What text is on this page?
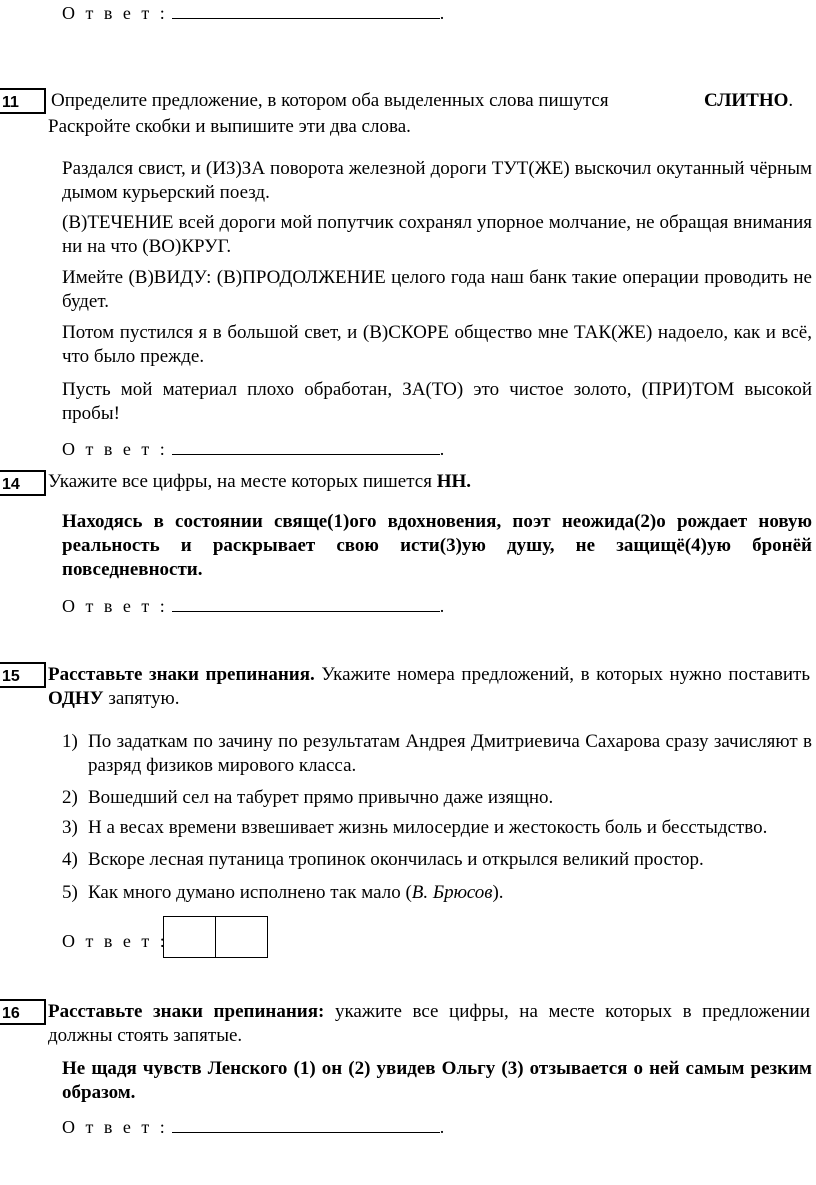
О т в е т :	.
11	Определите предложение, в котором оба выделенных слова пишутся	СЛИТНО.
Раскройте скобки и выпишите эти два слова.
Раздался свист, и (ИЗ)ЗА поворота железной дороги ТУТ(ЖЕ) выскочил окутанный чёрным дымом курьерский поезд.
(В)ТЕЧЕНИЕ всей дороги мой попутчик сохранял упорное молчание, не обращая внимания ни на что (ВО)КРУГ.
Имейте (В)ВИДУ: (В)ПРОДОЛЖЕНИЕ целого года наш банк такие операции проводить не будет.
Потом пустился я в большой свет, и (В)СКОРЕ общество мне ТАК(ЖЕ) надоело, как и всё, что было прежде.
Пусть мой материал плохо обработан, ЗА(ТО) это чистое золото, (ПРИ)ТОМ высокой пробы!
О т в е т :	.
14	Укажите все цифры, на месте которых пишется НН.
Находясь в состоянии свяще(1)ого вдохновения, поэт неожида(2)о рождает новую реальность и раскрывает свою исти(3)ую душу, не защищё(4)ую бронёй повседневности.
О т в е т :	.
15	Расставьте знаки препинания. Укажите номера предложений, в которых нужно поставить ОДНУ запятую.
1) По задаткам по зачину по результатам Андрея Дмитриевича Сахарова сразу зачисляют в разряд физиков мирового класса.
2) Вошедший сел на табурет прямо привычно даже изящно.
3) Н а весах времени взвешивает жизнь милосердие и жестокость боль и бесстыдство.
4) Вскоре лесная путаница тропинок окончилась и открылся великий простор.
5) Как много думано исполнено так мало (В. Брюсов).
О т в е т :
16	Расставьте знаки препинания: укажите все цифры, на месте которых в предложении должны стоять запятые.
Не щадя чувств Ленского (1) он (2) увидев Ольгу (3) отзывается о ней самым резким образом.
О т в е т :	.
